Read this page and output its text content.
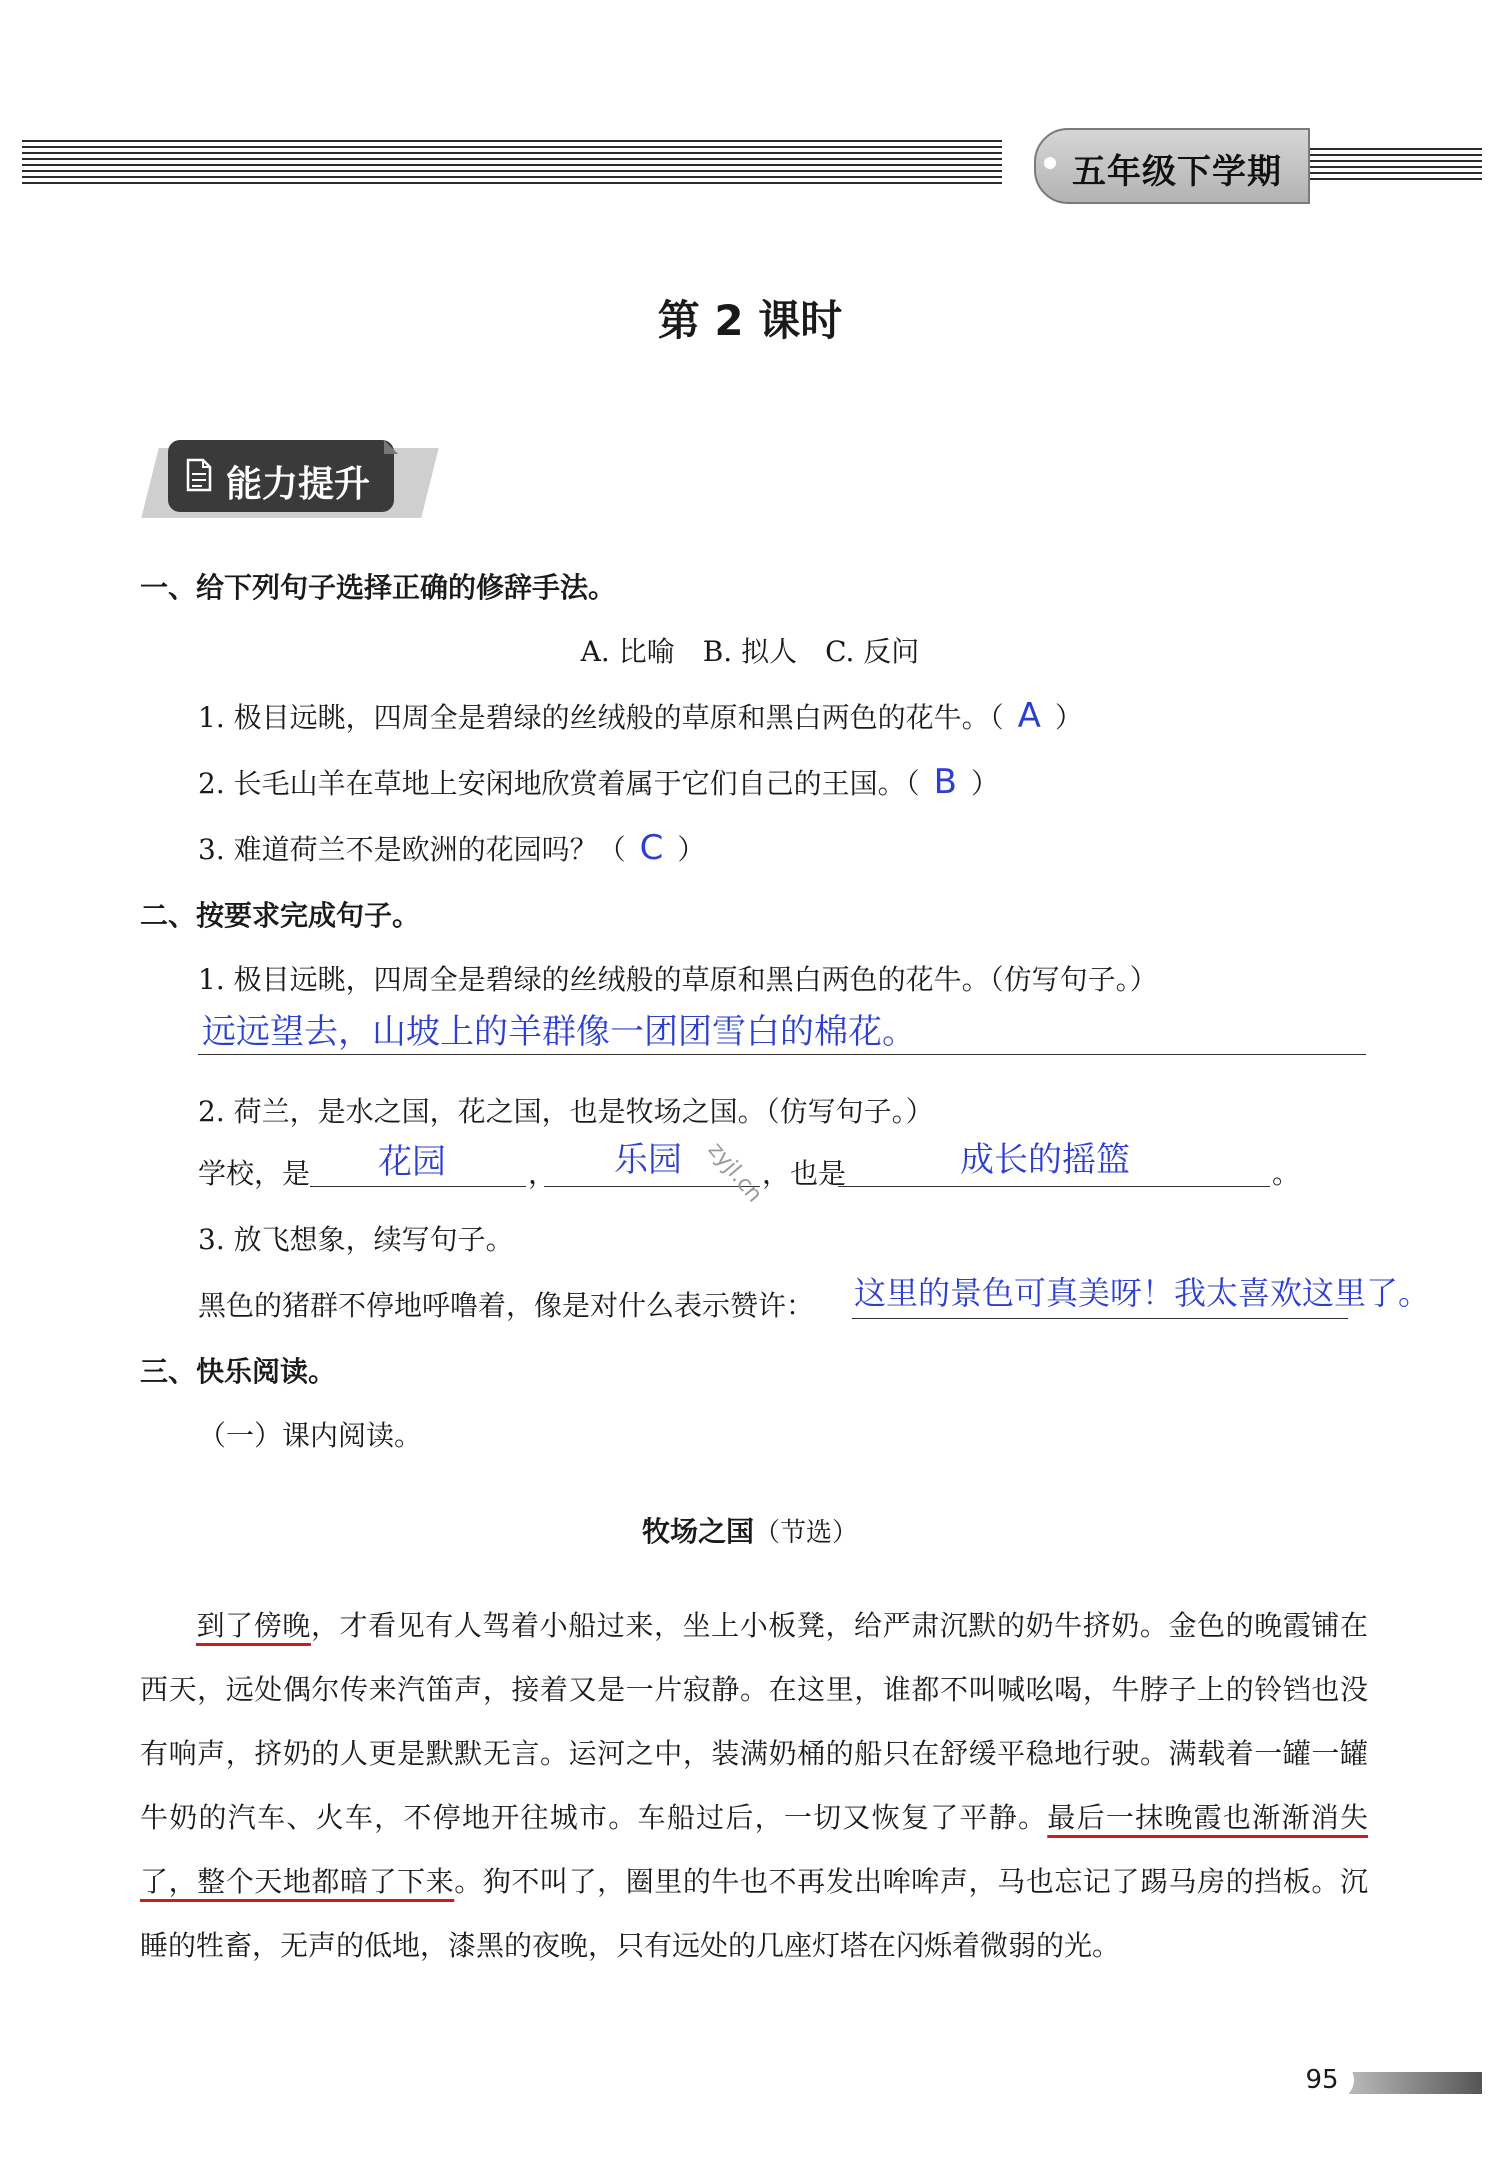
五年级下学期
第 2 课时
能力提升
一、给下列句子选择正确的修辞手法。
A. 比喻　B. 拟人　C. 反问
1. 极目远眺，四周全是碧绿的丝绒般的草原和黑白两色的花牛。（ A ）
2. 长毛山羊在草地上安闲地欣赏着属于它们自己的王国。（ B ）
3. 难道荷兰不是欧洲的花园吗？（ C ）
二、按要求完成句子。
1. 极目远眺，四周全是碧绿的丝绒般的草原和黑白两色的花牛。（仿写句子。）
远远望去，山坡上的羊群像一团团雪白的棉花。
2. 荷兰，是水之国，花之国，也是牧场之国。（仿写句子。）
学校，是 花园	， 乐园	，也是	成长的摇篮	。
3. 放飞想象，续写句子。
黑色的猪群不停地呼噜着，像是对什么表示赞许： 这里的景色可真美呀！我太喜欢这里了。
zyjl.cn
三、快乐阅读。
（一）课内阅读。
牧场之国（节选）
到了傍晚，才看见有人驾着小船过来，坐上小板凳，给严肃沉默的奶牛挤奶。金色的晚霞铺在西天，远处偶尔传来汽笛声，接着又是一片寂静。在这里，谁都不叫喊吆喝，牛脖子上的铃铛也没有响声，挤奶的人更是默默无言。运河之中，装满奶桶的船只在舒缓平稳地行驶。满载着一罐一罐牛奶的汽车、火车，不停地开往城市。车船过后，一切又恢复了平静。最后一抹晚霞也渐渐消失了，整个天地都暗了下来。狗不叫了，圈里的牛也不再发出哞哞声，马也忘记了踢马房的挡板。沉睡的牲畜，无声的低地，漆黑的夜晚，只有远处的几座灯塔在闪烁着微弱的光。
95
